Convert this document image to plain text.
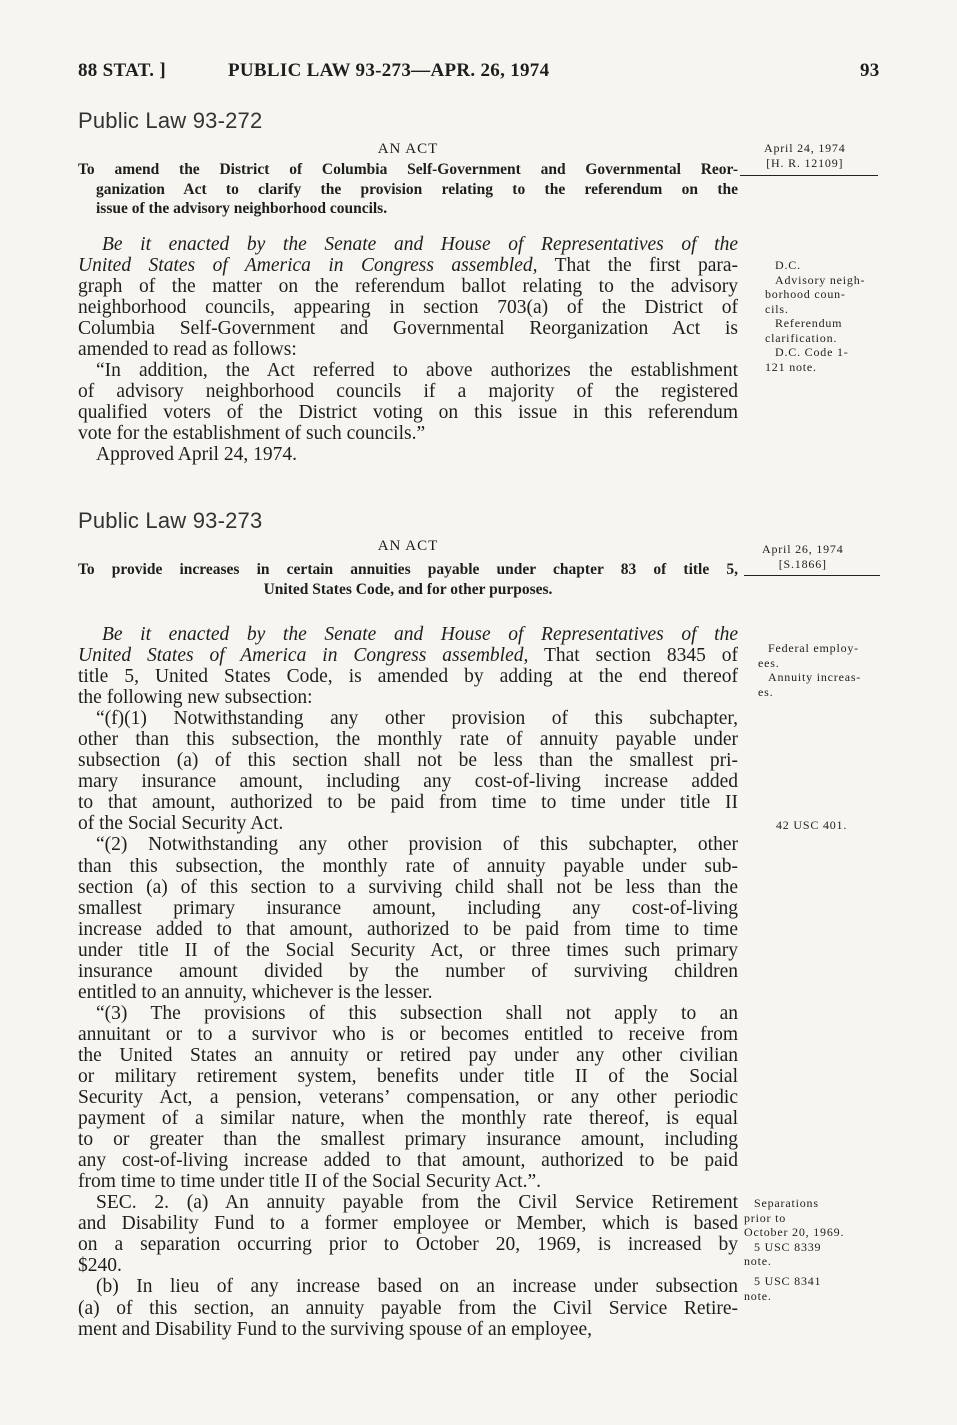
88 STAT. ]	PUBLIC LAW 93-273—APR. 26, 1974	93
Public Law 93-272
AN ACT
To amend the District of Columbia Self-Government and Governmental Reor-
ganization Act to clarify the provision relating to the referendum on the
issue of the advisory neighborhood councils.
April 24, 1974
[H. R. 12109]
Be it enacted by the Senate and House of Representatives of the
United States of America in Congress assembled, That the first para-
graph of the matter on the referendum ballot relating to the advisory
neighborhood councils, appearing in section 703(a) of the District of
Columbia Self-Government and Governmental Reorganization Act is
amended to read as follows:
“In addition, the Act referred to above authorizes the establishment
of advisory neighborhood councils if a majority of the registered
qualified voters of the District voting on this issue in this referendum
vote for the establishment of such councils.”
Approved April 24, 1974.
D.C.
Advisory neigh-
borhood coun-
cils.
Referendum
clarification.
D.C. Code 1-
121 note.
Public Law 93-273
AN ACT
To provide increases in certain annuities payable under chapter 83 of title 5,
United States Code, and for other purposes.
April 26, 1974
[S.1866]
Be it enacted by the Senate and House of Representatives of the
United States of America in Congress assembled, That section 8345 of
title 5, United States Code, is amended by adding at the end thereof
the following new subsection:
“(f)(1) Notwithstanding any other provision of this subchapter,
other than this subsection, the monthly rate of annuity payable under
subsection (a) of this section shall not be less than the smallest pri-
mary insurance amount, including any cost-of-living increase added
to that amount, authorized to be paid from time to time under title II
of the Social Security Act.
“(2) Notwithstanding any other provision of this subchapter, other
than this subsection, the monthly rate of annuity payable under sub-
section (a) of this section to a surviving child shall not be less than the
smallest primary insurance amount, including any cost-of-living
increase added to that amount, authorized to be paid from time to time
under title II of the Social Security Act, or three times such primary
insurance amount divided by the number of surviving children
entitled to an annuity, whichever is the lesser.
“(3) The provisions of this subsection shall not apply to an
annuitant or to a survivor who is or becomes entitled to receive from
the United States an annuity or retired pay under any other civilian
or military retirement system, benefits under title II of the Social
Security Act, a pension, veterans’ compensation, or any other periodic
payment of a similar nature, when the monthly rate thereof, is equal
to or greater than the smallest primary insurance amount, including
any cost-of-living increase added to that amount, authorized to be paid
from time to time under title II of the Social Security Act.”.
SEC. 2. (a) An annuity payable from the Civil Service Retirement
and Disability Fund to a former employee or Member, which is based
on a separation occurring prior to October 20, 1969, is increased by
$240.
(b) In lieu of any increase based on an increase under subsection
(a) of this section, an annuity payable from the Civil Service Retire-
ment and Disability Fund to the surviving spouse of an employee,
Federal employ-
ees.
Annuity increas-
es.
42 USC 401.
Separations
prior to
October 20, 1969.
5 USC 8339
note.
5 USC 8341
note.
